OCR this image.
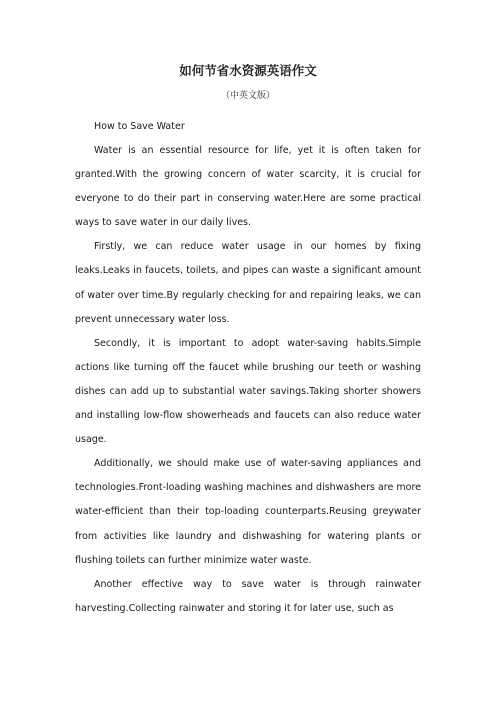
如何节省水资源英语作文
（中英文版）

How to Save Water

Water is an essential resource for life, yet it is often taken for granted.With the growing concern of water scarcity, it is crucial for everyone to do their part in conserving water.Here are some practical ways to save water in our daily lives.

Firstly, we can reduce water usage in our homes by fixing leaks.Leaks in faucets, toilets, and pipes can waste a significant amount of water over time.By regularly checking for and repairing leaks, we can prevent unnecessary water loss.

Secondly, it is important to adopt water-saving habits.Simple actions like turning off the faucet while brushing our teeth or washing dishes can add up to substantial water savings.Taking shorter showers and installing low-flow showerheads and faucets can also reduce water usage.

Additionally, we should make use of water-saving appliances and technologies.Front-loading washing machines and dishwashers are more water-efficient than their top-loading counterparts.Reusing greywater from activities like laundry and dishwashing for watering plants or flushing toilets can further minimize water waste.

Another effective way to save water is through rainwater harvesting.Collecting rainwater and storing it for later use, such as
